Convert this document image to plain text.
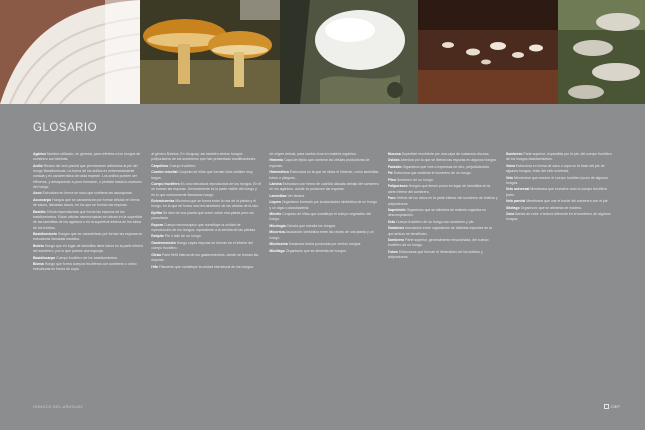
GLOSARIO

Agárico Nombre utilizado, en general, para referirse a los hongos de sombrero con láminas.

Anillo Restos del velo parcial que permanecen adheridos al pie del hongo Basidiomicota. La forma de los anillos es extremadamente variada y es característica de cada especie. Los anillos pueden ser effmeros, y desaparecer a poco formarse, o persistir hasta la madurez del hongo.

Asco Estructura en forma de saco que contiene las ascosporas.

Ascocarpo Hongos que se caracterizan por formar células en forma de sacos, llamadas ascos, en los que se forman las esporas.

Basidio Célula especializada que forma las esporas de los basidiomicetos. Estas células microscópicas se ubican en la superficie de las laminillas de los agáricos o en la superficie interna de los tubos de los boletos.

Basidiomiceto Hongos que se caracterizan por formar las esporas en estructuras llamadas basidios.

Boleto Hongo que en lugar de laminillas tiene tubos en la parte inferior del sombrero, por lo que parece una esponja.

Basidiocarpo Cuerpo fructífero de los basidiomicetos.

Bioma Hongo que forma cuerpos fructíferos con sombrero o como estructuras en forma de copa.

al género Boletus. En Uruguay, así también ciertos hongos poliporáceos de los sombreros que han presentado modificaciones.

Carpóforo Cuerpo fructífero.

Cordón micelial Conjunto de hifas que forman hilos visibles muy largos.

Cuerpo fructífero Es una estructura reproductiva de los hongos. En él se forman las esporas. Generalmente es la parte visible del hongo y es lo que comúnmente llamamos hongo.

Ectomicorriza Micorriza que se forma entre la raíz de la planta y el hongo, en la que se forma una red alrededor de las células de la raíz.

Epífita Se dice de una planta que crece sobre otra planta pero sin parasitarla.

Espora Cuerpo microscópico que constituye la unidad de reproducción de los hongos; equivalente a la semilla de las plantas.

Estípite Pie o tallo de un hongo.

Gasteromiceto Hongo cuyas esporas se forman en el interior del cuerpo fructífero.

Gleba Parte fértil interna de los gasteromicetos, donde se forman las esporas.

Hifa Filamento que constituye la unidad estructural de los hongos.

de origen animal, para suelos ricos en materia orgánica.

Himenio Capa de tejido que contiene las células productoras de esporas.

Himenóforo Estructura en la que se ubica el himenio, como laminillas, tubos o pliegues.

Lámina Estructura con forma de cuchilla ubicada debajo del sombrero en los agáricos, donde se producen las esporas.

Laminillas Ver lámina.

Liquen Organismo formado por la asociación simbiótica de un hongo y un alga o cianobacteria.

Micelio Conjunto de hifas que constituye el cuerpo vegetativo del hongo.

Micología Ciencia que estudia los hongos.

Micorriza Asociación simbiótica entre las raíces de una planta y un hongo.

Micotoxina Sustancia tóxica producida por ciertos hongos.

Micófago Organismo que se alimenta de hongos.

Mucosa Superficie recubierta por una capa de sustancia viscosa.

Ostiolo Abertura por la que se liberan las esporas en algunos hongos.

Parásito Organismo que vive a expensas de otro, perjudicándolo.

Pie Estructura que sostiene el sombrero de un hongo.

Píleo Sombrero de un hongo.

Poliporáceo Hongos que tienen poros en lugar de laminillas en la parte inferior del sombrero.

Poro Orificio de los tubos en la parte inferior del sombrero de boletos y poliporáceos.

Saprótrofo Organismo que se alimenta de materia orgánica en descomposición.

Seta Cuerpo fructífero de un hongo con sombrero y pie.

Simbiosis Asociación entre organismos de distintas especies en la que ambos se benefician.

Sombrero Parte superior, generalmente ensanchada, del cuerpo fructífero de un hongo.

Tubos Estructuras que forman el himenóforo de los boletos y poliporáceos.

Sombrero Parte superior, expandida por el pie, del cuerpo fructífero de los hongos basidiomicetos.

Volva Estructura en forma de saco o copa en la base del pie de algunos hongos, resto del velo universal.

Velo Membrana que recubre el cuerpo fructífero joven de algunos hongos.

Velo universal Membrana que envuelve todo el cuerpo fructífero joven.

Velo parcial Membrana que une el borde del sombrero con el pie.

Xilófago Organismo que se alimenta de madera.

Zona Banda de color o textura diferente en el sombrero de algunos hongos.

HONGOS DEL URUGUAY	CIEP
